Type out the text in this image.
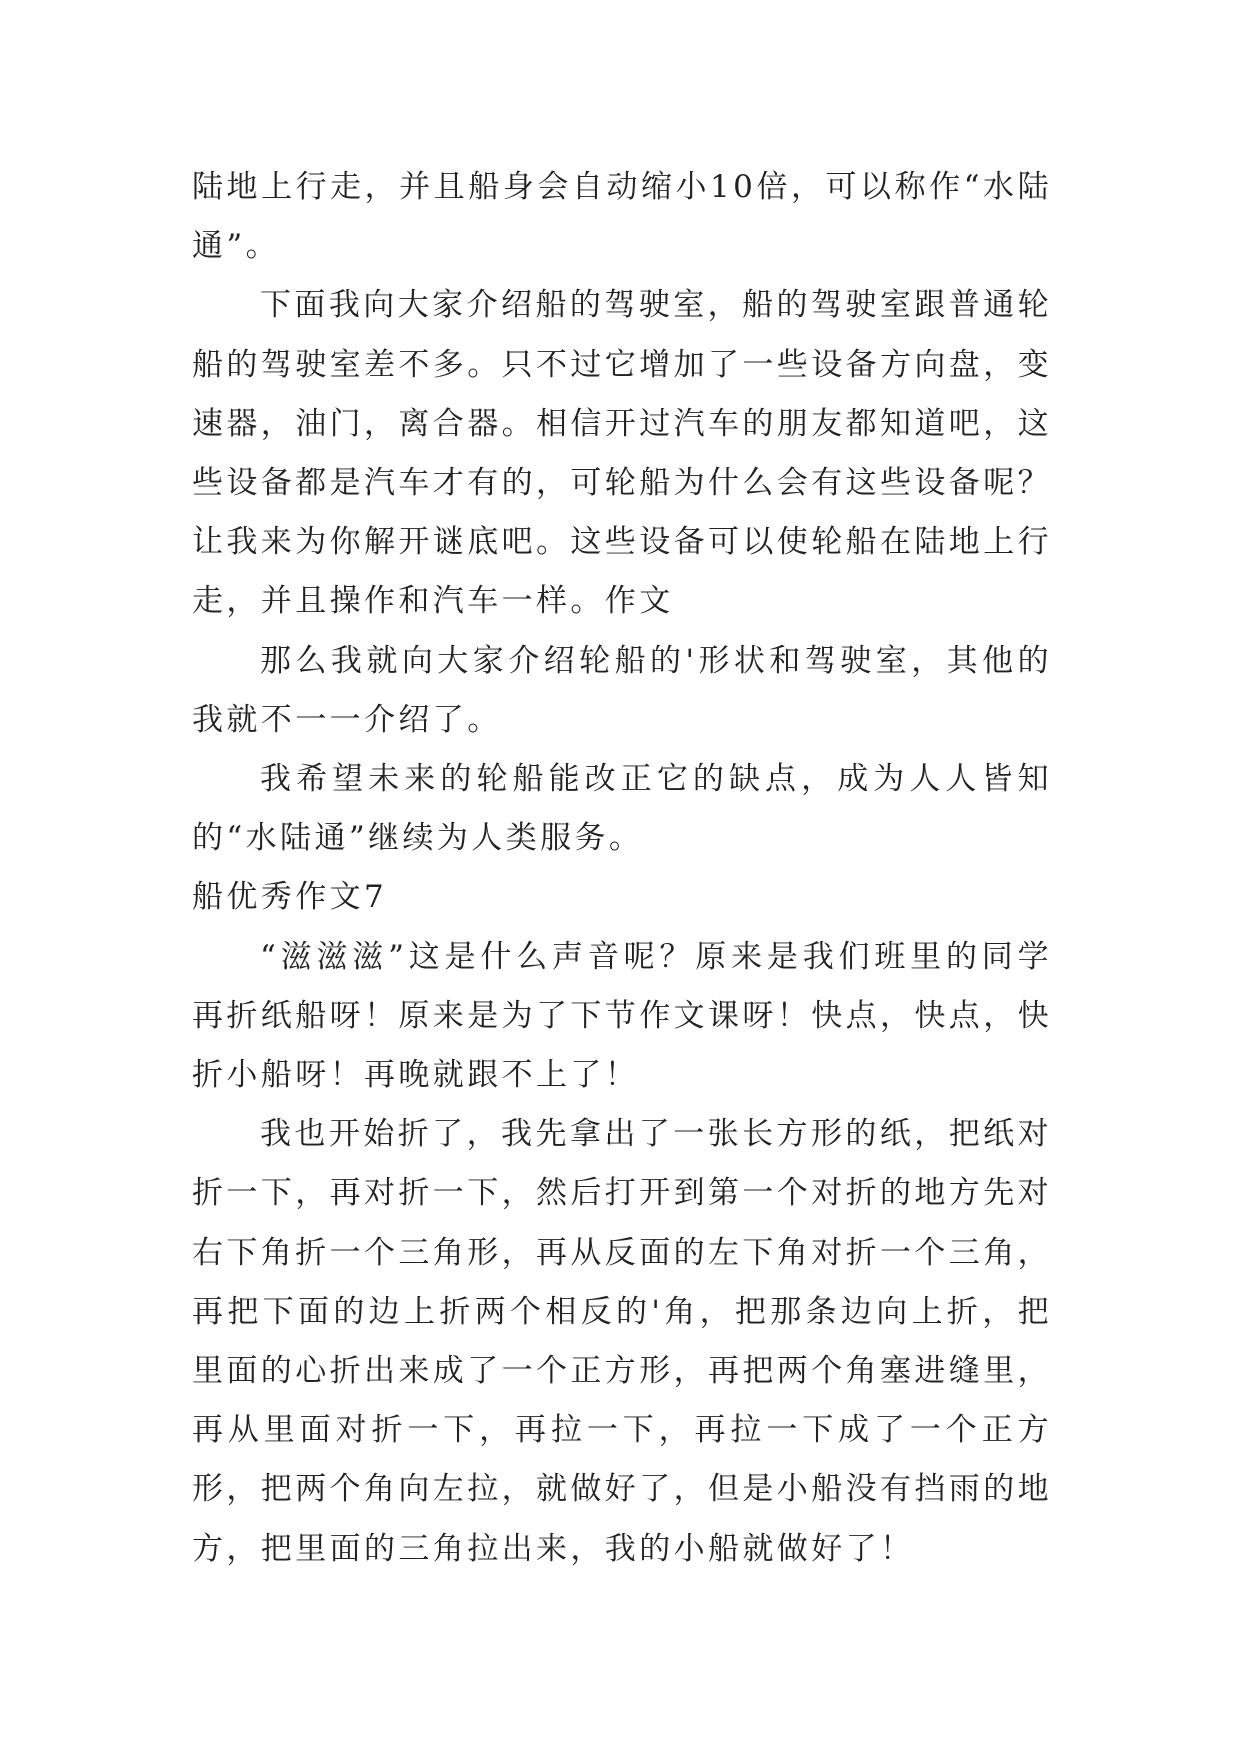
陆地上行走，并且船身会自动缩小10倍，可以称作“水陆通”。

下面我向大家介绍船的驾驶室，船的驾驶室跟普通轮船的驾驶室差不多。只不过它增加了一些设备方向盘，变速器，油门，离合器。相信开过汽车的朋友都知道吧，这些设备都是汽车才有的，可轮船为什么会有这些设备呢？让我来为你解开谜底吧。这些设备可以使轮船在陆地上行走，并且操作和汽车一样。作文

那么我就向大家介绍轮船的'形状和驾驶室，其他的我就不一一介绍了。

我希望未来的轮船能改正它的缺点，成为人人皆知的“水陆通”继续为人类服务。

船优秀作文7

“滋滋滋”这是什么声音呢？原来是我们班里的同学再折纸船呀！原来是为了下节作文课呀！快点，快点，快折小船呀！再晚就跟不上了！

我也开始折了，我先拿出了一张长方形的纸，把纸对折一下，再对折一下，然后打开到第一个对折的地方先对右下角折一个三角形，再从反面的左下角对折一个三角，再把下面的边上折两个相反的'角，把那条边向上折，把里面的心折出来成了一个正方形，再把两个角塞进缝里，再从里面对折一下，再拉一下，再拉一下成了一个正方形，把两个角向左拉，就做好了，但是小船没有挡雨的地方，把里面的三角拉出来，我的小船就做好了！
